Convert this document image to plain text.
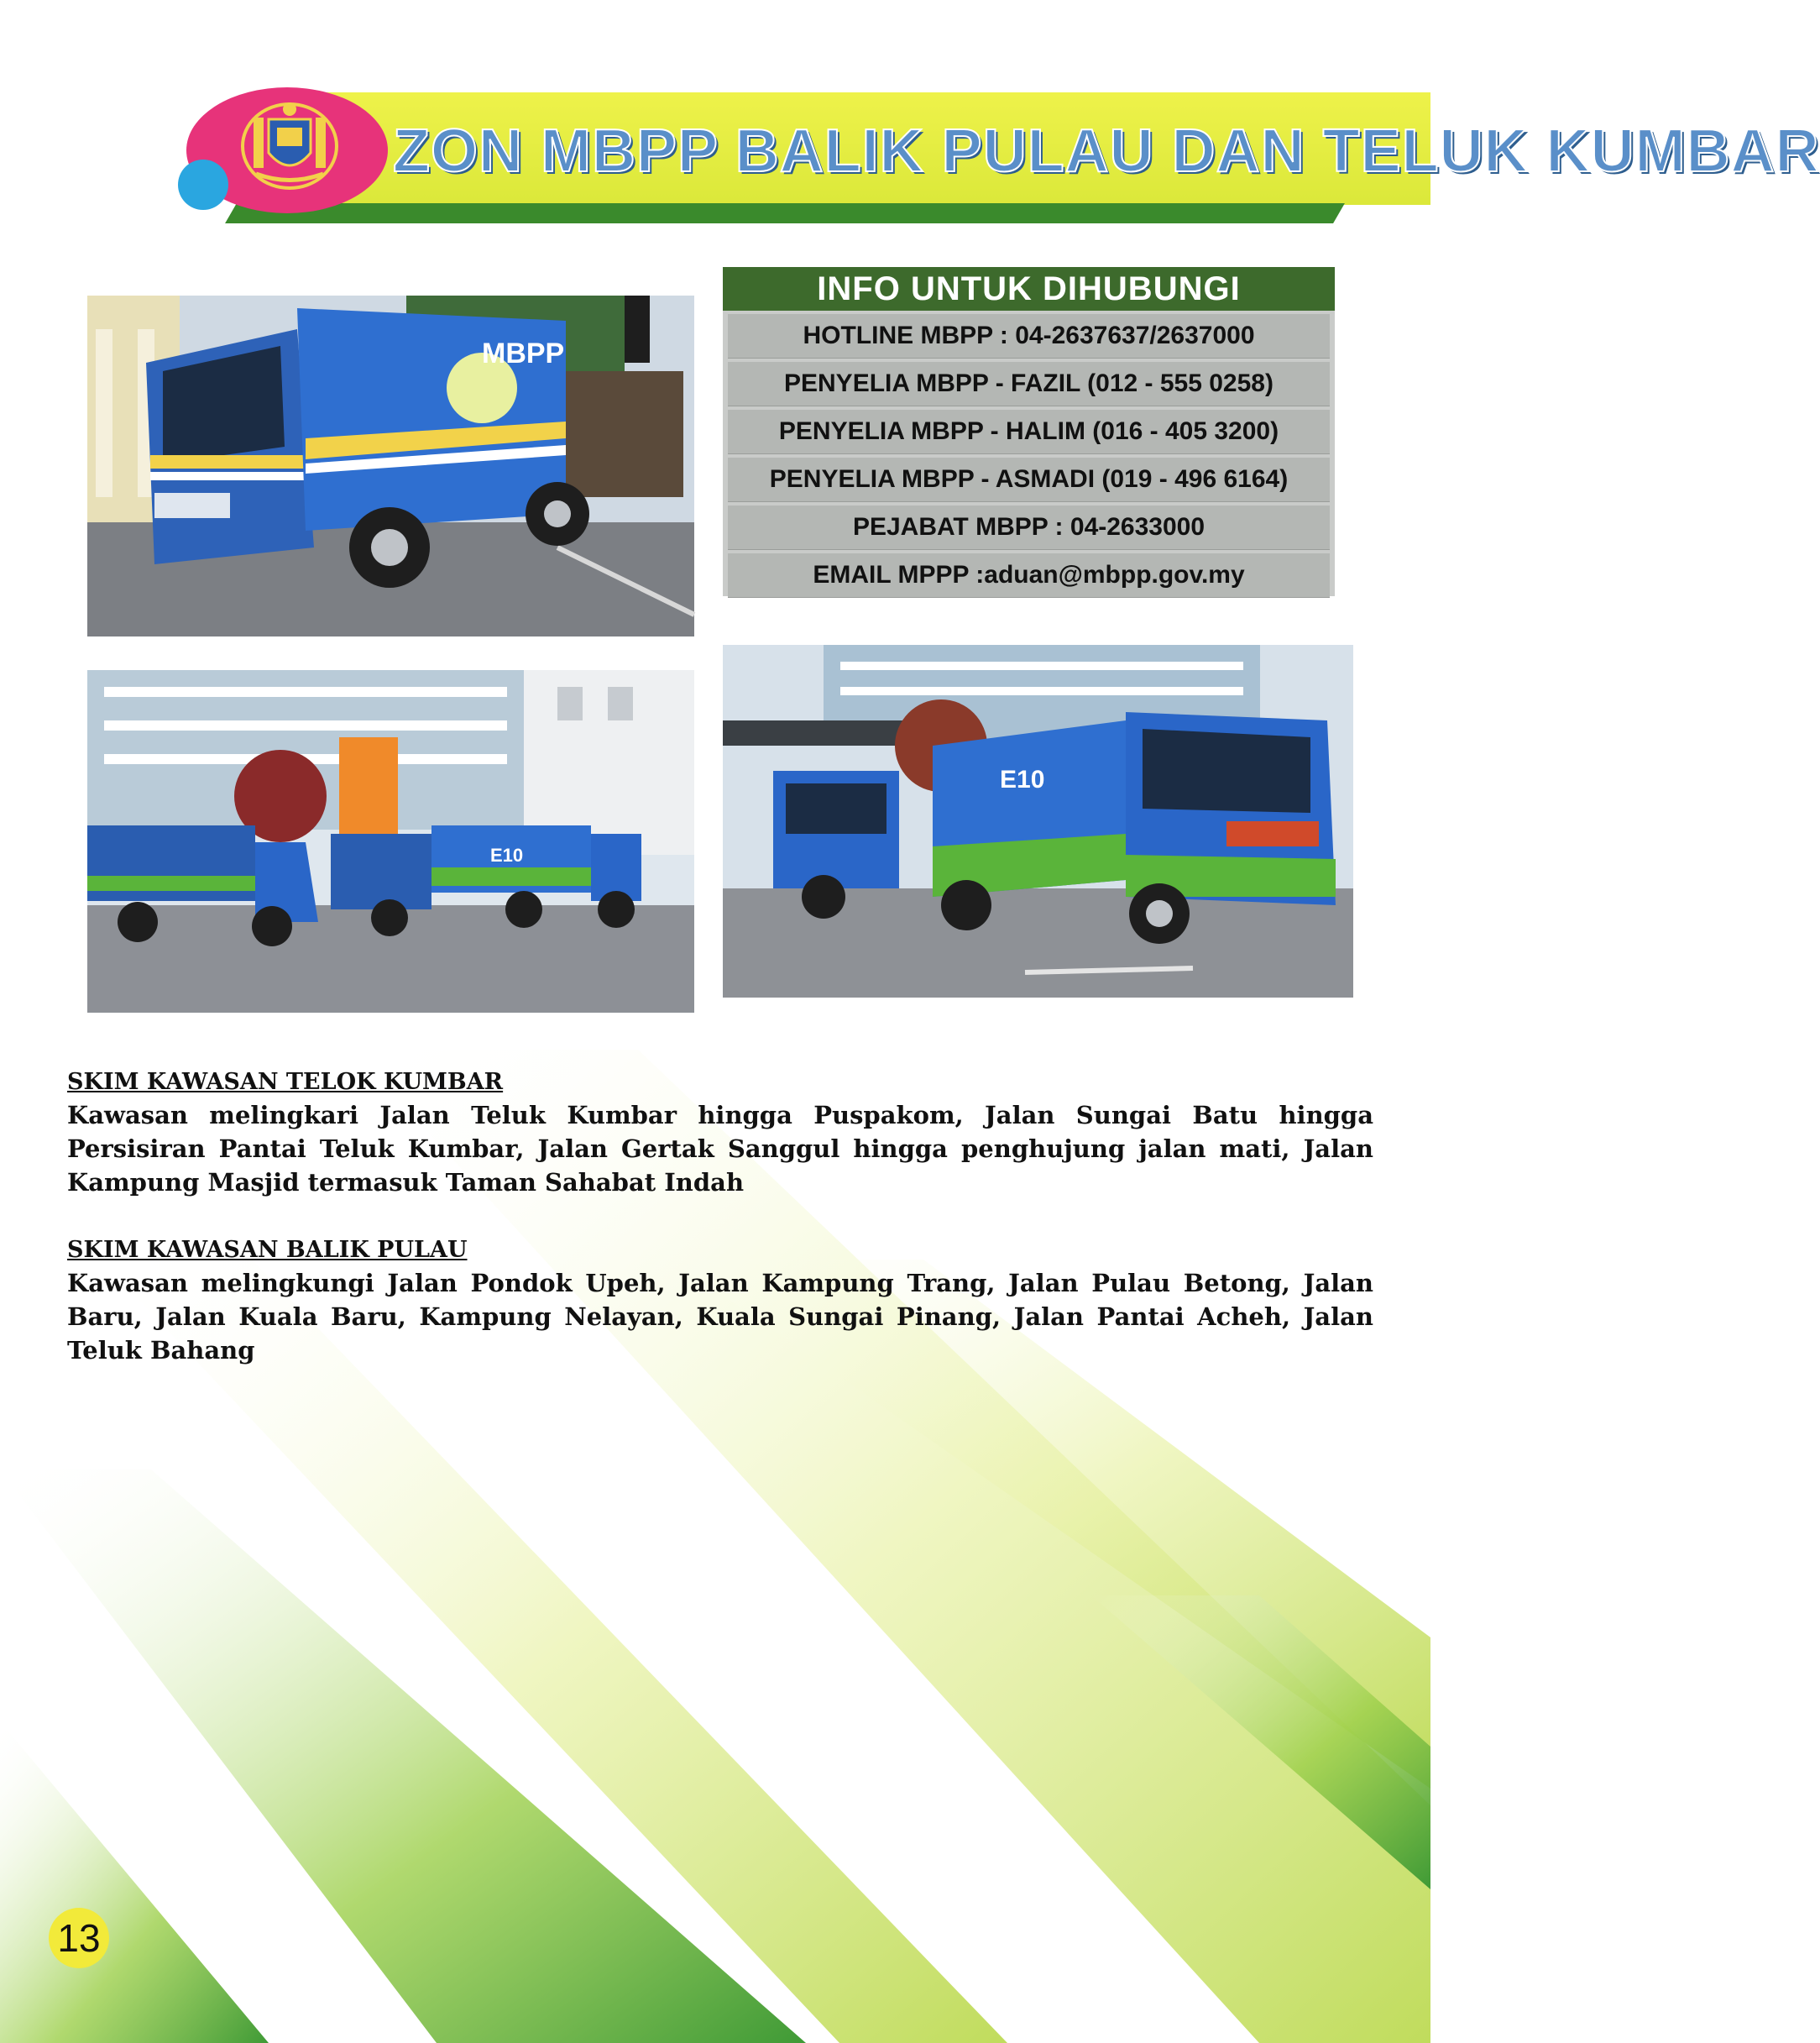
ZON MBPP BALIK PULAU DAN TELUK KUMBAR
MBPP
INFO UNTUK DIHUBUNGI
HOTLINE MBPP : 04-2637637/2637000
PENYELIA MBPP - FAZIL (012 - 555 0258)
PENYELIA MBPP - HALIM (016 - 405 3200)
PENYELIA MBPP - ASMADI (019 - 496 6164)
PEJABAT MBPP : 04-2633000
EMAIL MPPP :aduan@mbpp.gov.my
E10
E10

SKIM KAWASAN TELOK KUMBAR

Kawasan melingkari Jalan Teluk Kumbar hingga Puspakom, Jalan Sungai Batu hingga Persisiran Pantai Teluk Kumbar, Jalan Gertak Sanggul hingga penghujung jalan mati, Jalan Kampung Masjid termasuk Taman Sahabat Indah

SKIM KAWASAN BALIK PULAU

Kawasan melingkungi Jalan Pondok Upeh, Jalan Kampung Trang, Jalan Pulau Betong, Jalan Baru, Jalan Kuala Baru, Kampung Nelayan, Kuala Sungai Pinang, Jalan Pantai Acheh, Jalan Teluk Bahang

13
